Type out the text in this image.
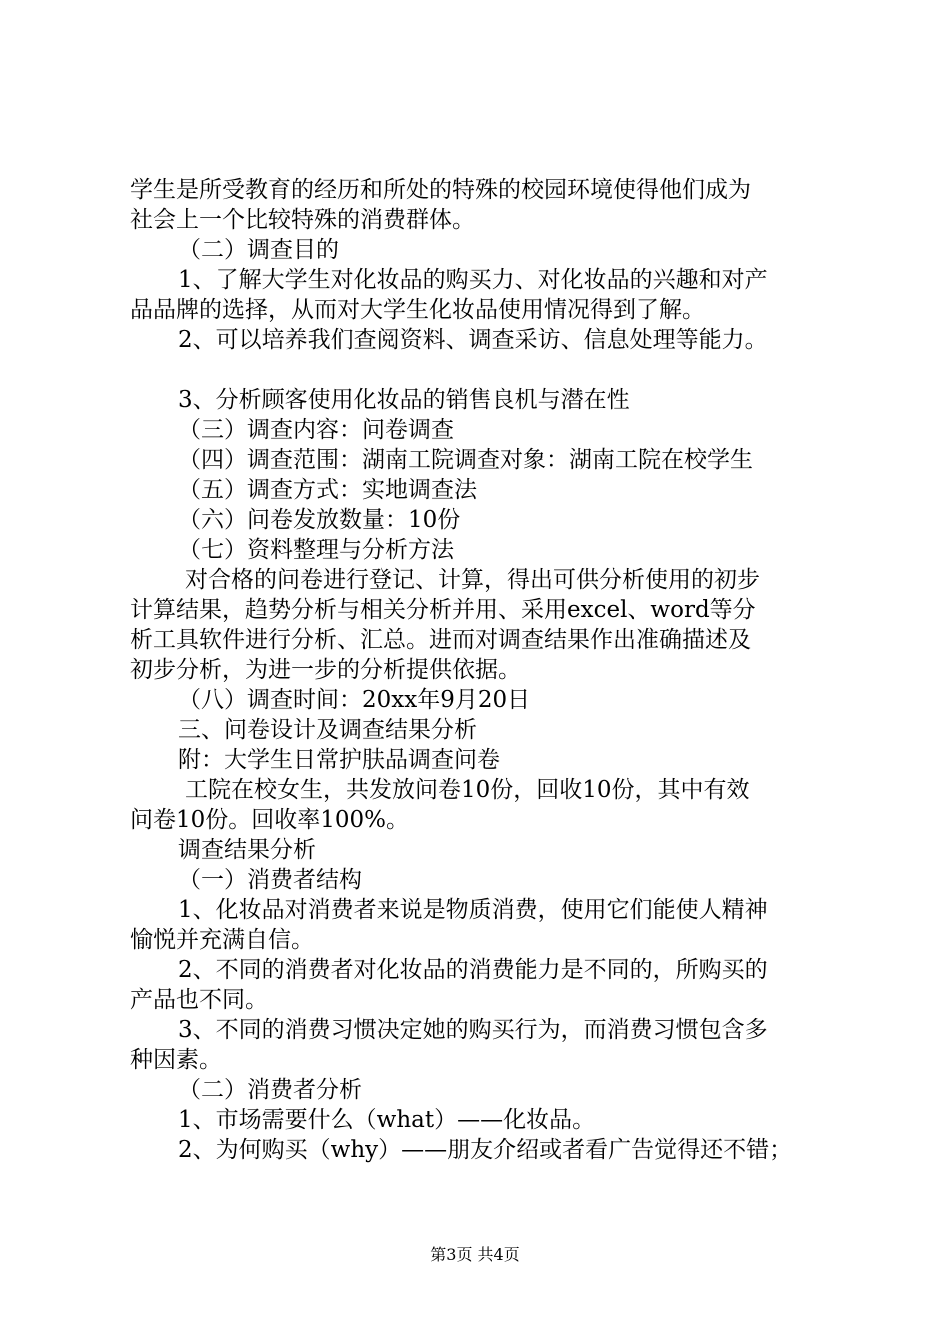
学生是所受教育的经历和所处的特殊的校园环境使得他们成为
社会上一个比较特殊的消费群体。
（二）调查目的
1、了解大学生对化妆品的购买力、对化妆品的兴趣和对产
品品牌的选择，从而对大学生化妆品使用情况得到了解。
2、可以培养我们查阅资料、调查采访、信息处理等能力。
3、分析顾客使用化妆品的销售良机与潜在性
（三）调查内容：问卷调查
（四）调查范围：湖南工院调查对象：湖南工院在校学生
（五）调查方式：实地调查法
（六）问卷发放数量：10份
（七）资料整理与分析方法
对合格的问卷进行登记、计算，得出可供分析使用的初步
计算结果，趋势分析与相关分析并用、采用excel、word等分
析工具软件进行分析、汇总。进而对调查结果作出准确描述及
初步分析，为进一步的分析提供依据。
（八）调查时间：20xx年9月20日
三、问卷设计及调查结果分析
附：大学生日常护肤品调查问卷
工院在校女生，共发放问卷10份，回收10份，其中有效
问卷10份。回收率100%。
调查结果分析
（一）消费者结构
1、化妆品对消费者来说是物质消费，使用它们能使人精神
愉悦并充满自信。
2、不同的消费者对化妆品的消费能力是不同的，所购买的
产品也不同。
3、不同的消费习惯决定她的购买行为，而消费习惯包含多
种因素。
（二）消费者分析
1、市场需要什么（what）——化妆品。
2、为何购买（why）——朋友介绍或者看广告觉得还不错；
第3页 共4页
